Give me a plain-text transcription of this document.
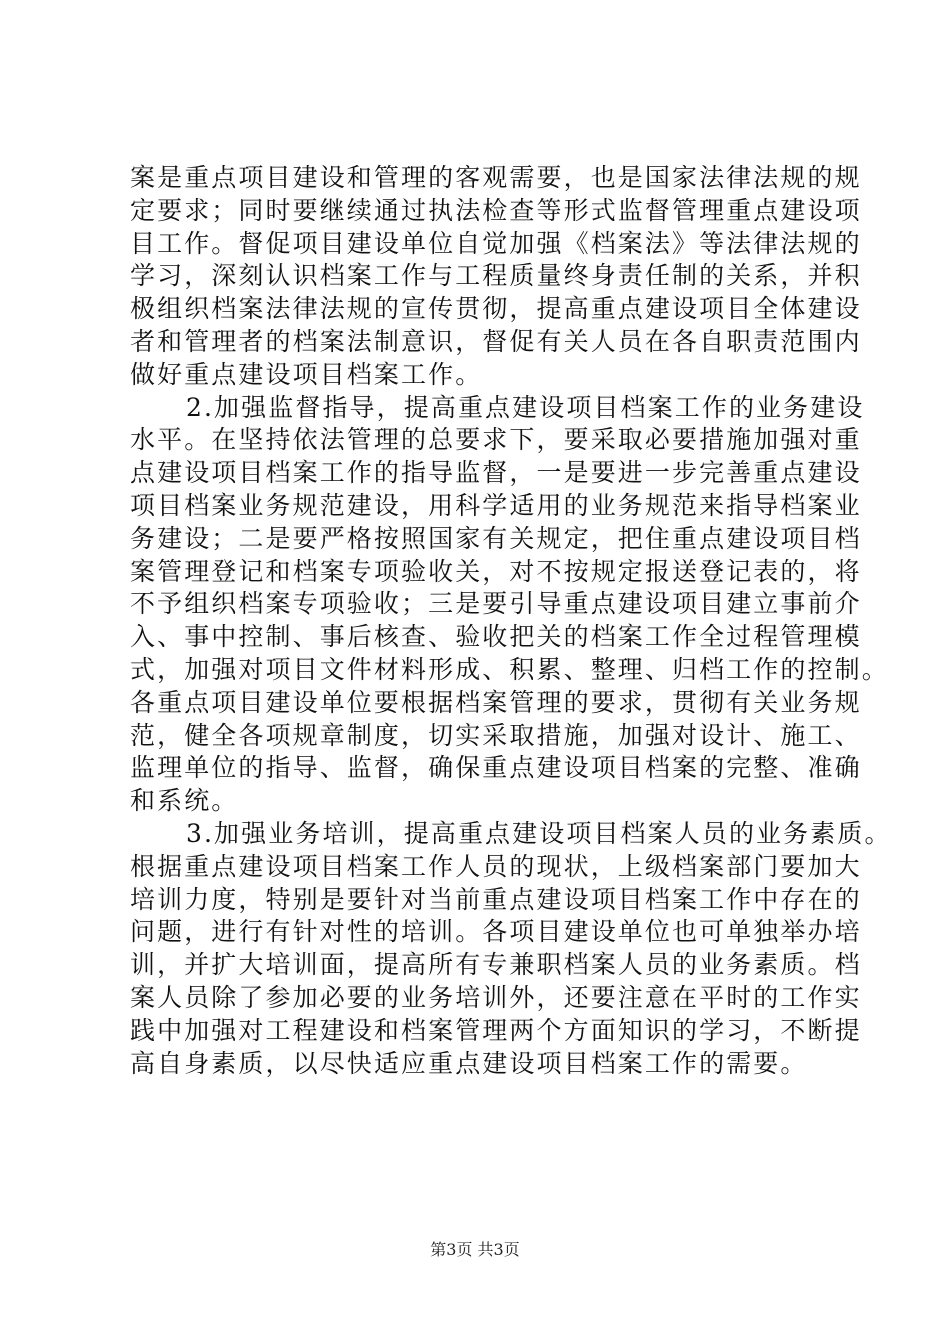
案是重点项目建设和管理的客观需要，也是国家法律法规的规
定要求；同时要继续通过执法检查等形式监督管理重点建设项
目工作。督促项目建设单位自觉加强《档案法》等法律法规的
学习，深刻认识档案工作与工程质量终身责任制的关系，并积
极组织档案法律法规的宣传贯彻，提高重点建设项目全体建设
者和管理者的档案法制意识，督促有关人员在各自职责范围内
做好重点建设项目档案工作。
2.加强监督指导，提高重点建设项目档案工作的业务建设
水平。在坚持依法管理的总要求下，要采取必要措施加强对重
点建设项目档案工作的指导监督，一是要进一步完善重点建设
项目档案业务规范建设，用科学适用的业务规范来指导档案业
务建设；二是要严格按照国家有关规定，把住重点建设项目档
案管理登记和档案专项验收关，对不按规定报送登记表的，将
不予组织档案专项验收；三是要引导重点建设项目建立事前介
入、事中控制、事后核查、验收把关的档案工作全过程管理模
式，加强对项目文件材料形成、积累、整理、归档工作的控制。
各重点项目建设单位要根据档案管理的要求，贯彻有关业务规
范，健全各项规章制度，切实采取措施，加强对设计、施工、
监理单位的指导、监督，确保重点建设项目档案的完整、准确
和系统。
3.加强业务培训，提高重点建设项目档案人员的业务素质。
根据重点建设项目档案工作人员的现状，上级档案部门要加大
培训力度，特别是要针对当前重点建设项目档案工作中存在的
问题，进行有针对性的培训。各项目建设单位也可单独举办培
训，并扩大培训面，提高所有专兼职档案人员的业务素质。档
案人员除了参加必要的业务培训外，还要注意在平时的工作实
践中加强对工程建设和档案管理两个方面知识的学习，不断提
高自身素质，以尽快适应重点建设项目档案工作的需要。
第3页 共3页
